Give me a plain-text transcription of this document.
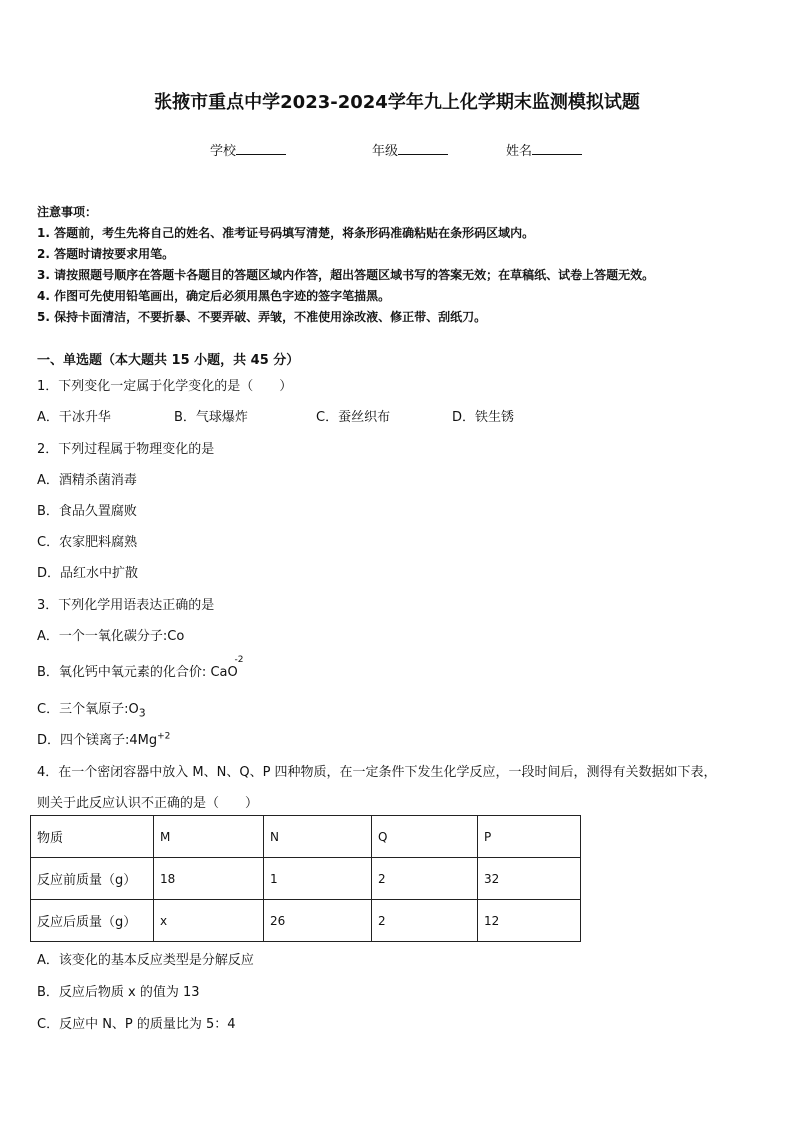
张掖市重点中学2023-2024学年九上化学期末监测模拟试题
学校	年级	姓名
注意事项：
1. 答题前，考生先将自己的姓名、准考证号码填写清楚，将条形码准确粘贴在条形码区域内。
2. 答题时请按要求用笔。
3. 请按照题号顺序在答题卡各题目的答题区域内作答，超出答题区域书写的答案无效；在草稿纸、试卷上答题无效。
4. 作图可先使用铅笔画出，确定后必须用黑色字迹的签字笔描黑。
5. 保持卡面清洁，不要折暴、不要弄破、弄皱，不准使用涂改液、修正带、刮纸刀。
一、单选题（本大题共 15 小题，共 45 分）
1．下列变化一定属于化学变化的是（　　）
A．干冰升华	B．气球爆炸	C．蚕丝织布	D．铁生锈
2．下列过程属于物理变化的是
A．酒精杀菌消毒
B．食品久置腐败
C．农家肥料腐熟
D．品红水中扩散
3．下列化学用语表达正确的是
A．一个一氧化碳分子:Co
B．氧化钙中氧元素的化合价: CaO
-2
C．三个氧原子$:O_3$
D．四个镁离子$:4Mg^{+2}$
4．在一个密闭容器中放入 M、N、Q、P 四种物质，在一定条件下发生化学反应，一段时间后，测得有关数据如下表，
则关于此反应认识不正确的是（　　）
物质	M	N	Q	P
反应前质量（g）	18	1	2	32
反应后质量（g）	x	26	2	12
A．该变化的基本反应类型是分解反应
B．反应后物质 x 的值为 13
C．反应中 N、P 的质量比为 5：4
